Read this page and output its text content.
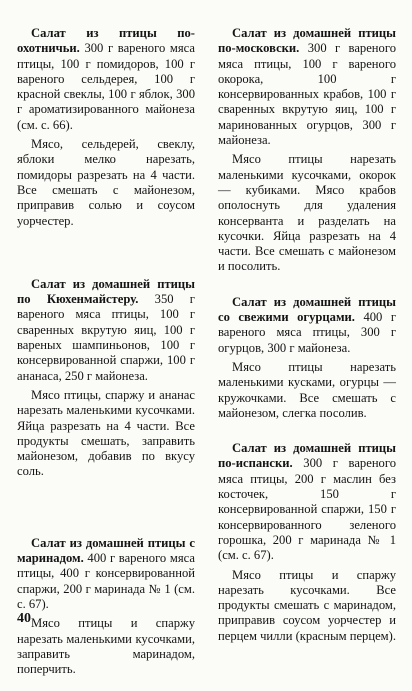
Салат из птицы по-охотничьи. 300 г вареного мяса птицы, 100 г помидоров, 100 г вареного сельдерея, 100 г красной свеклы, 100 г яблок, 300 г ароматизированного майонеза (см. с. 66).

Мясо, сельдерей, свеклу, яблоки мелко нарезать, помидоры разрезать на 4 части. Все смешать с майонезом, приправив солью и соусом уорчестер.

Салат из домашней птицы по Кюхенмайстеру. 350 г вареного мяса птицы, 100 г сваренных вкрутую яиц, 100 г вареных шампиньонов, 100 г консервированной спаржи, 100 г ананаса, 250 г майонеза.

Мясо птицы, спаржу и ананас нарезать маленькими кусочками. Яйца разрезать на 4 части. Все продукты смешать, заправить майонезом, добавив по вкусу соль.

Салат из домашней птицы с маринадом. 400 г вареного мяса птицы, 400 г консервированной спаржи, 200 г маринада № 1 (см. с. 67).

Мясо птицы и спаржу нарезать маленькими кусочками, заправить маринадом, поперчить.

Салат из домашней птицы по-московски. 300 г вареного мяса птицы, 100 г вареного окорока, 100 г консервированных крабов, 100 г сваренных вкрутую яиц, 100 г маринованных огурцов, 300 г майонеза.

Мясо птицы нарезать маленькими кусочками, окорок — кубиками. Мясо крабов ополоснуть для удаления консерванта и разделать на кусочки. Яйца разрезать на 4 части. Все смешать с майонезом и посолить.

Салат из домашней птицы со свежими огурцами. 400 г вареного мяса птицы, 300 г огурцов, 300 г майонеза.

Мясо птицы нарезать маленькими кусками, огурцы — кружочками. Все смешать с майонезом, слегка посолив.

Салат из домашней птицы по-испански. 300 г вареного мяса птицы, 200 г маслин без косточек, 150 г консервированной спаржи, 150 г консервированного зеленого горошка, 200 г маринада № 1 (см. с. 67).

Мясо птицы и спаржу нарезать кусочками. Все продукты смешать с маринадом, приправив соусом уорчестер и перцем чилли (красным перцем).

40
